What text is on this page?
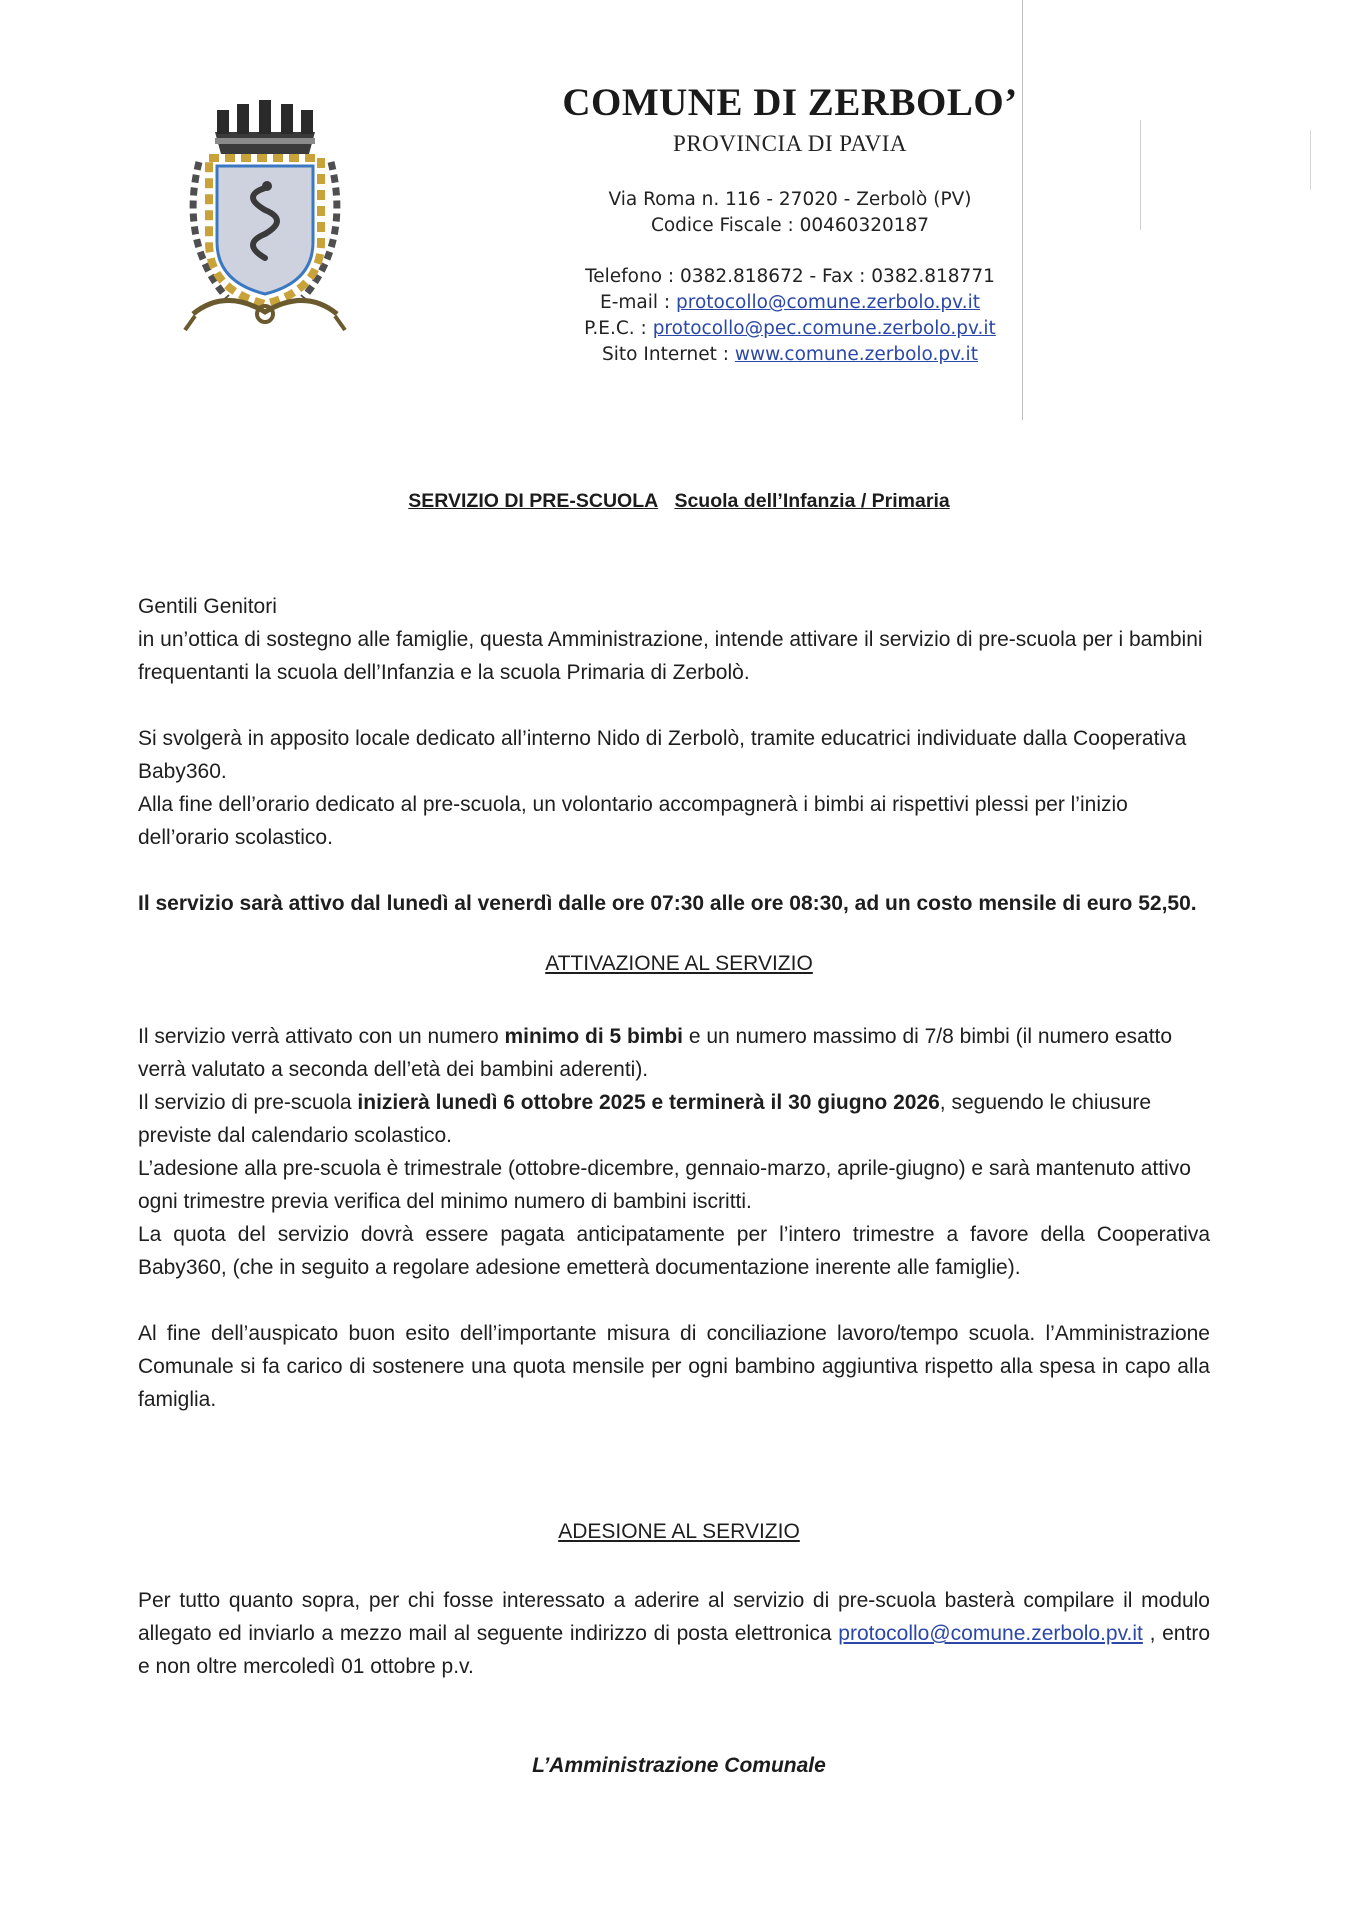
COMUNE DI ZERBOLO’
PROVINCIA DI PAVIA
Via Roma n. 116 - 27020 - Zerbolò (PV)
Codice Fiscale : 00460320187
Telefono : 0382.818672 - Fax : 0382.818771
E-mail : protocollo@comune.zerbolo.pv.it
P.E.C. : protocollo@pec.comune.zerbolo.pv.it
Sito Internet : www.comune.zerbolo.pv.it
SERVIZIO DI PRE-SCUOLA Scuola dell’Infanzia / Primaria

Gentili Genitori

in un’ottica di sostegno alle famiglie, questa Amministrazione, intende attivare il servizio di pre-scuola per i bambini frequentanti la scuola dell’Infanzia e la scuola Primaria di Zerbolò.

Si svolgerà in apposito locale dedicato all’interno Nido di Zerbolò, tramite educatrici individuate dalla Cooperativa Baby360.

Alla fine dell’orario dedicato al pre-scuola, un volontario accompagnerà i bimbi ai rispettivi plessi per l’inizio dell’orario scolastico.

Il servizio sarà attivo dal lunedì al venerdì dalle ore 07:30 alle ore 08:30, ad un costo mensile di euro 52,50.

ATTIVAZIONE AL SERVIZIO

Il servizio verrà attivato con un numero minimo di 5 bimbi e un numero massimo di 7/8 bimbi (il numero esatto verrà valutato a seconda dell’età dei bambini aderenti).

Il servizio di pre-scuola inizierà lunedì 6 ottobre 2025 e terminerà il 30 giugno 2026, seguendo le chiusure previste dal calendario scolastico.

L’adesione alla pre-scuola è trimestrale (ottobre-dicembre, gennaio-marzo, aprile-giugno) e sarà mantenuto attivo ogni trimestre previa verifica del minimo numero di bambini iscritti.

La quota del servizio dovrà essere pagata anticipatamente per l’intero trimestre a favore della Cooperativa Baby360, (che in seguito a regolare adesione emetterà documentazione inerente alle famiglie).

Al fine dell’auspicato buon esito dell’importante misura di conciliazione lavoro/tempo scuola. l’Amministrazione Comunale si fa carico di sostenere una quota mensile per ogni bambino aggiuntiva rispetto alla spesa in capo alla famiglia.

ADESIONE AL SERVIZIO

Per tutto quanto sopra, per chi fosse interessato a aderire al servizio di pre-scuola basterà compilare il modulo allegato ed inviarlo a mezzo mail al seguente indirizzo di posta elettronica protocollo@comune.zerbolo.pv.it , entro e non oltre mercoledì 01 ottobre p.v.

L’Amministrazione Comunale
